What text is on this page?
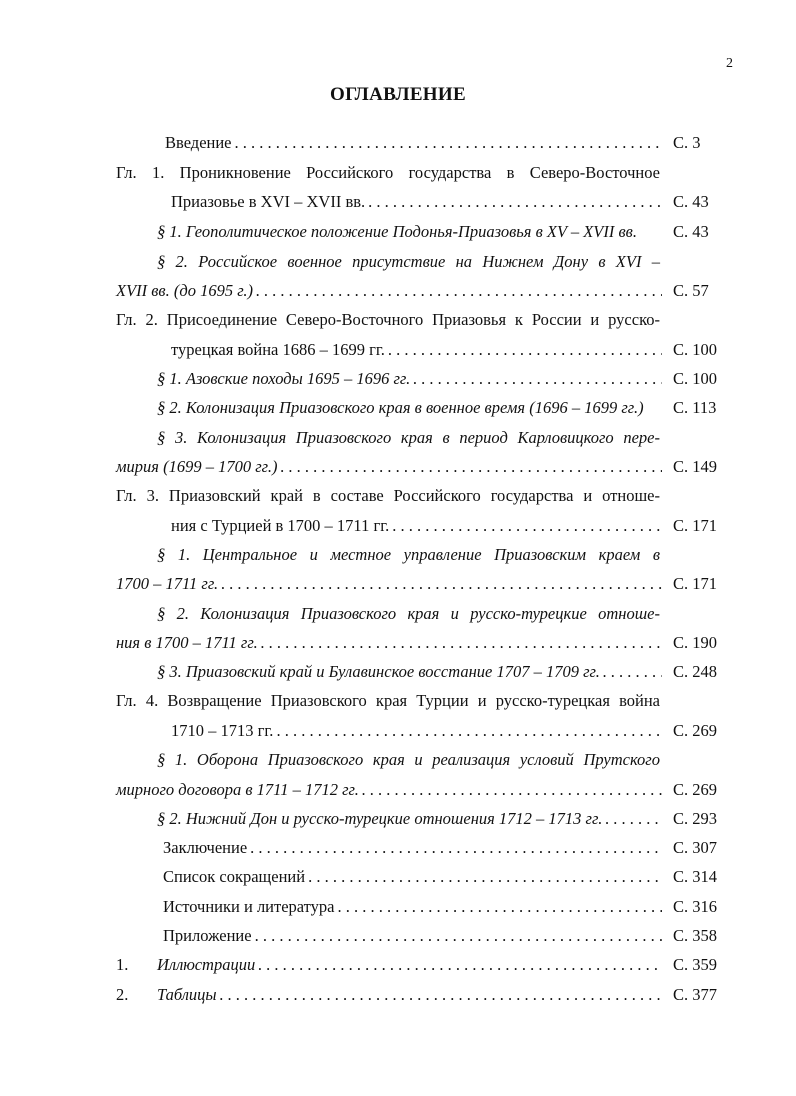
2
ОГЛАВЛЕНИЕ
Введение . . .	С. 3
Гл. 1. Проникновение Российского государства в Северо-Восточное
Приазовье в XVI – XVII вв. . . .	С. 43
§ 1. Геополитическое положение Подонья-Приазовья в XV – XVII вв.	С. 43
§ 2. Российское военное присутствие на Нижнем Дону в XVI –
XVII вв. (до 1695 г.) . . .	С. 57
Гл. 2. Присоединение Северо-Восточного Приазовья к России и русско-
турецкая война 1686 – 1699 гг. . . .	С. 100
§ 1. Азовские походы 1695 – 1696 гг. . . .	С. 100
§ 2. Колонизация Приазовского края в военное время (1696 – 1699 гг.)	С. 113
§ 3. Колонизация Приазовского края в период Карловицкого пере-
мирия (1699 – 1700 гг.) . . .	С. 149
Гл. 3. Приазовский край в составе Российского государства и отноше-
ния с Турцией в 1700 – 1711 гг. . . .	С. 171
§ 1. Центральное и местное управление Приазовским краем в
1700 – 1711 гг. . . .	С. 171
§ 2. Колонизация Приазовского края и русско-турецкие отноше-
ния в 1700 – 1711 гг. . . .	С. 190
§ 3. Приазовский край и Булавинское восстание 1707 – 1709 гг. . . .	С. 248
Гл. 4. Возвращение Приазовского края Турции и русско-турецкая война
1710 – 1713 гг. . . .	С. 269
§ 1. Оборона Приазовского края и реализация условий Прутского
мирного договора в 1711 – 1712 гг. . . .	С. 269
§ 2. Нижний Дон и русско-турецкие отношения 1712 – 1713 гг. . . .	С. 293
Заключение . . .	С. 307
Список сокращений . . .	С. 314
Источники и литература . . .	С. 316
Приложение . . .	С. 358
1. Иллюстрации . . .	С. 359
2. Таблицы . . .	С. 377
